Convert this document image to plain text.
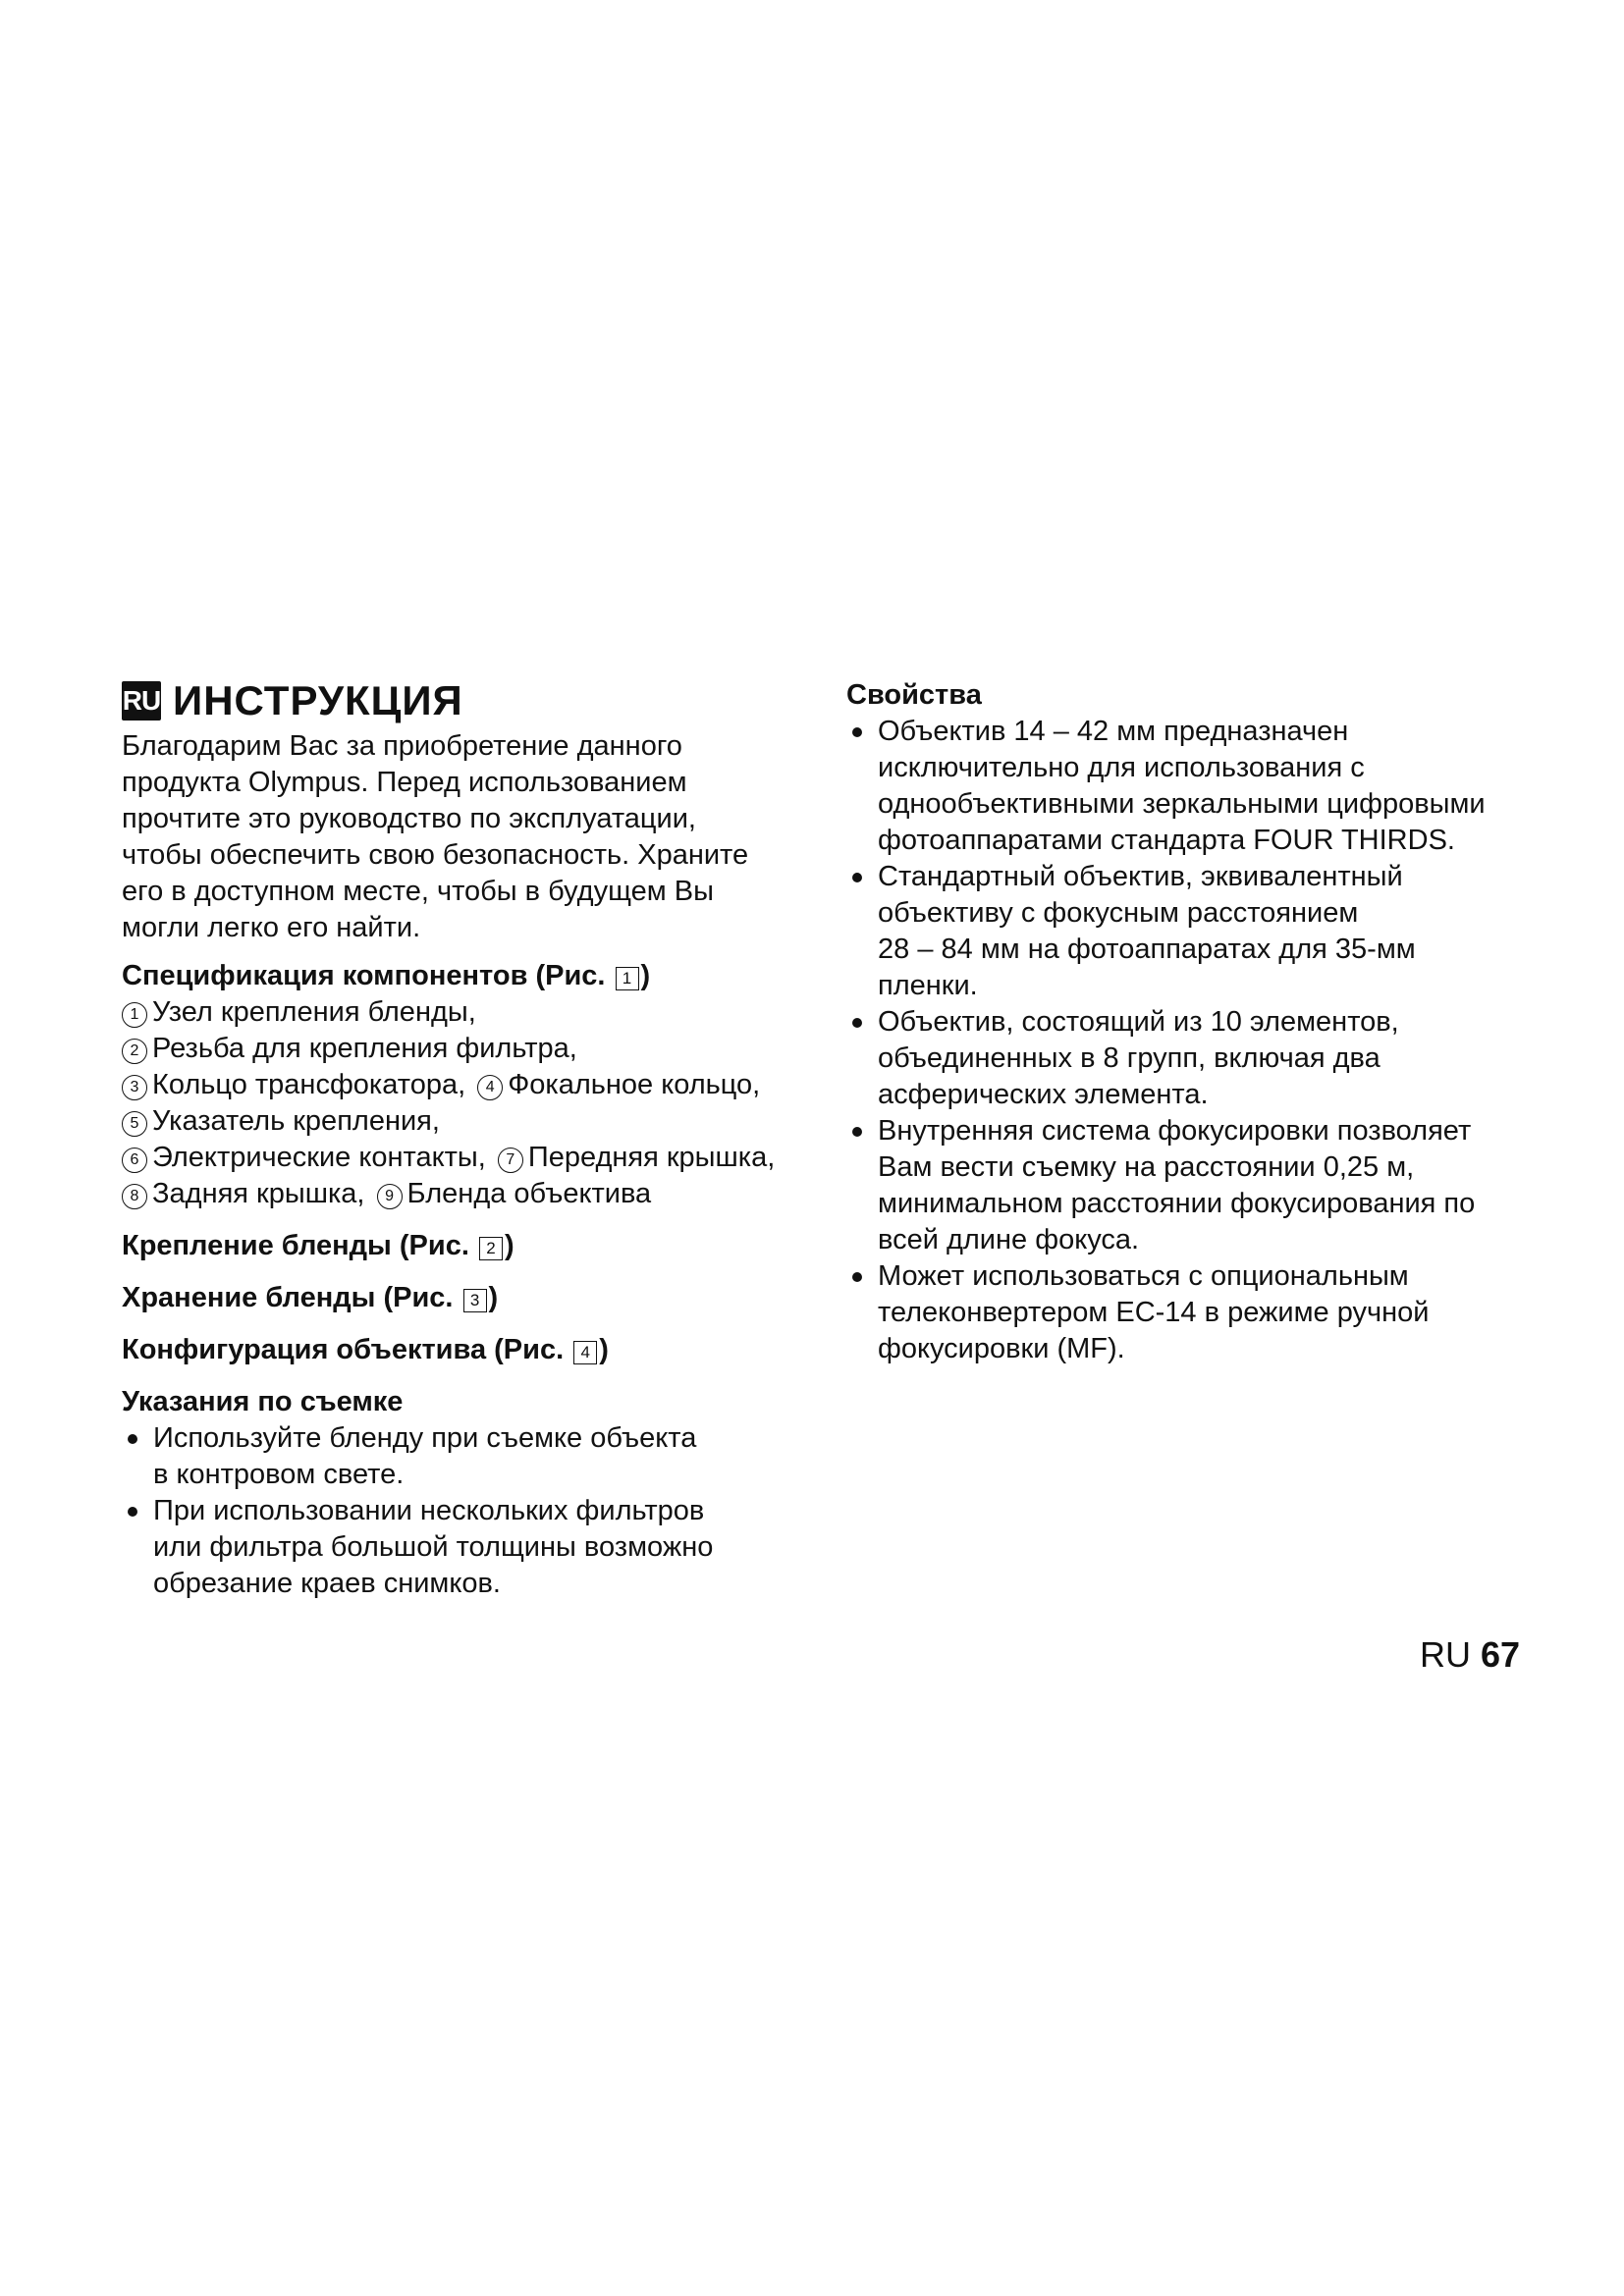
RU ИНСТРУКЦИЯ

Благодарим Вас за приобретение данного
продукта Olympus. Перед использованием
прочтите это руководство по эксплуатации,
чтобы обеспечить свою безопасность. Храните
его в доступном месте, чтобы в будущем Вы
могли легко его найти.

Спецификация компонентов (Рис. 1 )

1 Узел крепления бленды,
2 Резьба для крепления фильтра,
3 Кольцо трансфокатора, 4 Фокальное кольцо,
5 Указатель крепления,
6 Электрические контакты, 7 Передняя крышка,
8 Задняя крышка, 9 Бленда объектива

Крепление бленды (Рис. 2 )

Хранение бленды (Рис. 3 )

Конфигурация объектива (Рис. 4 )

Указания по съемке

Используйте бленду при съемке объекта
в контровом свете.
При использовании нескольких фильтров
или фильтра большой толщины возможно
обрезание краев снимков.

Свойства

Объектив 14 – 42 мм предназначен
исключительно для использования с
однообъективными зеркальными цифровыми
фотоаппаратами стандарта FOUR THIRDS.
Стандартный объектив, эквивалентный
объективу с фокусным расстоянием
28 – 84 мм на фотоаппаратах для 35-мм
пленки.
Объектив, состоящий из 10 элементов,
объединенных в 8 групп, включая два
асферических элемента.
Внутренняя система фокусировки позволяет
Вам вести съемку на расстоянии 0,25 м,
минимальном расстоянии фокусирования по
всей длине фокуса.
Может использоваться с опциональным
телеконвертером EC-14 в режиме ручной
фокусировки (MF).
RU 67
